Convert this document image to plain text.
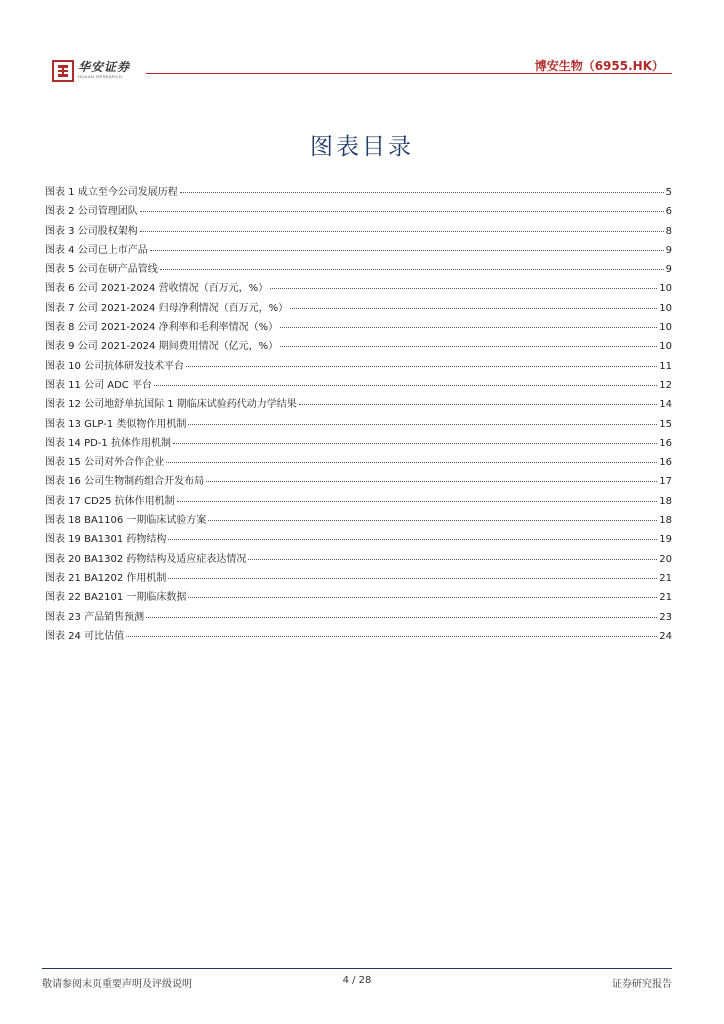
华安证券
HUAAN RESEARCH
博安生物（6955.HK）
图表目录
图表 1 成立至今公司发展历程	5
图表 2 公司管理团队	6
图表 3 公司股权架构	8
图表 4 公司已上市产品	9
图表 5 公司在研产品管线	9
图表 6 公司 2021-2024 营收情况（百万元，%）	10
图表 7 公司 2021-2024 归母净利情况（百万元，%）	10
图表 8 公司 2021-2024 净利率和毛利率情况（%）	10
图表 9 公司 2021-2024 期间费用情况（亿元，%）	10
图表 10 公司抗体研发技术平台	11
图表 11 公司 ADC 平台	12
图表 12 公司地舒单抗国际 1 期临床试验药代动力学结果	14
图表 13 GLP-1 类似物作用机制	15
图表 14 PD-1 抗体作用机制	16
图表 15 公司对外合作企业	16
图表 16 公司生物制药组合开发布局	17
图表 17 CD25 抗体作用机制	18
图表 18 BA1106 一期临床试验方案	18
图表 19 BA1301 药物结构	19
图表 20 BA1302 药物结构及适应症表达情况	20
图表 21 BA1202 作用机制	21
图表 22 BA2101 一期临床数据	21
图表 23 产品销售预测	23
图表 24 可比估值	24
敬请参阅末页重要声明及评级说明	4 / 28	证券研究报告
